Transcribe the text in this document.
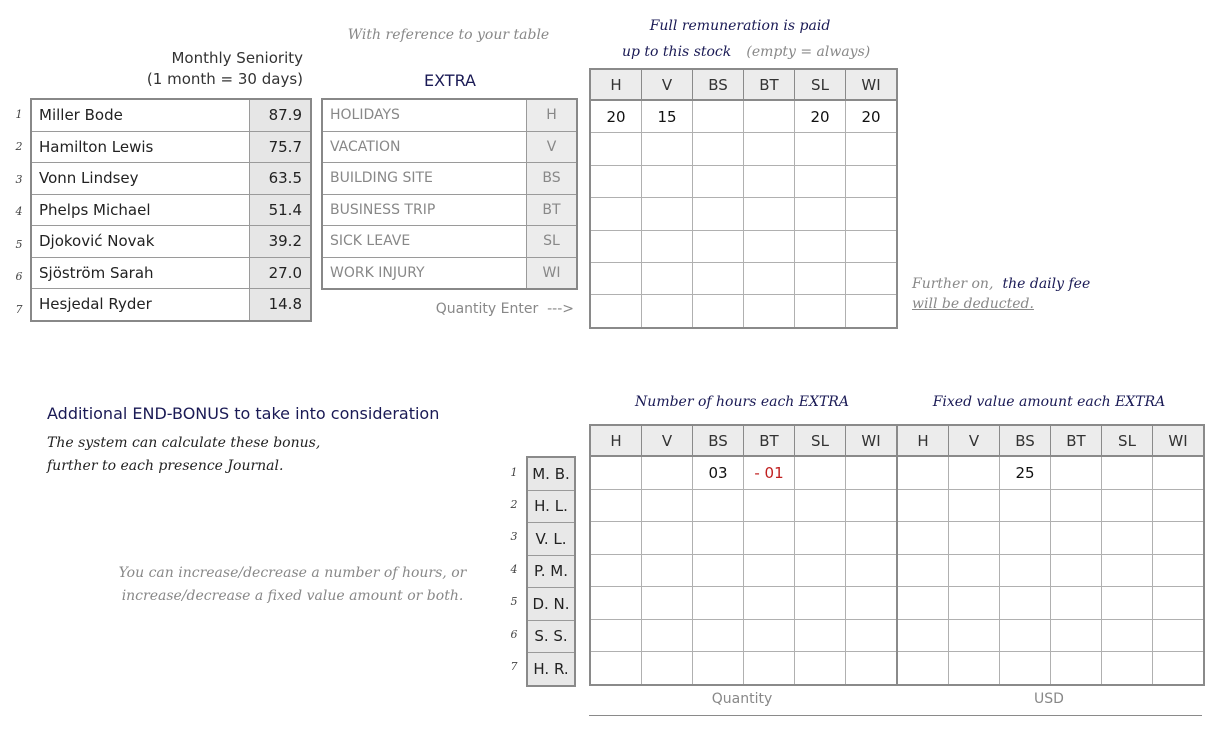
Monthly Seniority
(1 month = 30 days)
1
2
3
4
5
6
7
Miller Bode	87.9
Hamilton Lewis	75.7
Vonn Lindsey	63.5
Phelps Michael	51.4
Djoković Novak	39.2
Sjöström Sarah	27.0
Hesjedal Ryder	14.8
With reference to your table
EXTRA
HOLIDAYS	H
VACATION	V
BUILDING SITE	BS
BUSINESS TRIP	BT
SICK LEAVE	SL
WORK INJURY	WI
Quantity Enter  --->
Full remuneration is paid
up to this stock (empty = always)
H	V	BS	BT	SL	WI
20	15			20	20

Further on, the daily fee
will be deducted.
Additional END-BONUS to take into consideration
The system can calculate these bonus,
further to each presence Journal.
You can increase/decrease a number of hours, or
increase/decrease a fixed value amount or both.
Number of hours each EXTRA	Fixed value amount each EXTRA
1
2
3
4
5
6
7
M. B.
H. L.
V. L.
P. M.
D. N.
S. S.
H. R.
H	V	BS	BT	SL	WI
		03	- 01		

H	V	BS	BT	SL	WI
		25			

Quantity	USD
